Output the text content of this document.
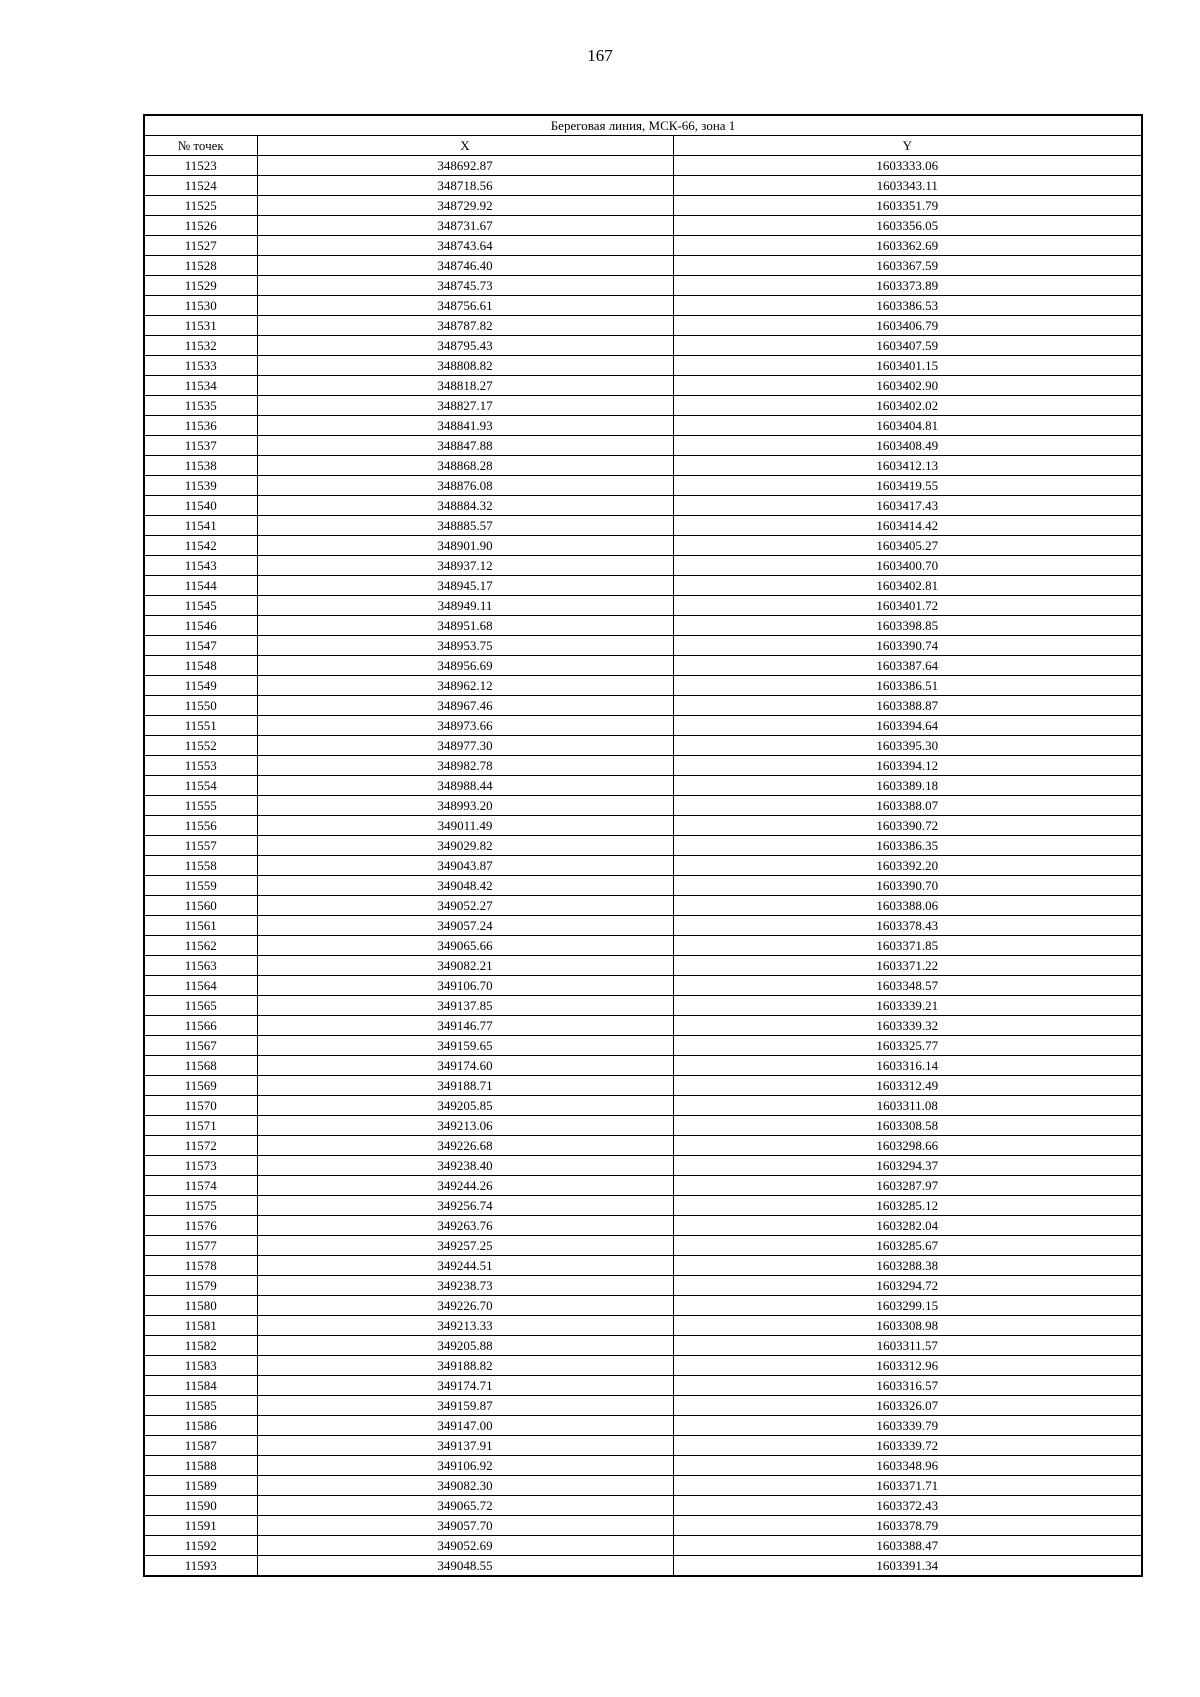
167
Береговая линия, МСК-66, зона 1		
№ точек	X	Y
11523	348692.87	1603333.06
11524	348718.56	1603343.11
11525	348729.92	1603351.79
11526	348731.67	1603356.05
11527	348743.64	1603362.69
11528	348746.40	1603367.59
11529	348745.73	1603373.89
11530	348756.61	1603386.53
11531	348787.82	1603406.79
11532	348795.43	1603407.59
11533	348808.82	1603401.15
11534	348818.27	1603402.90
11535	348827.17	1603402.02
11536	348841.93	1603404.81
11537	348847.88	1603408.49
11538	348868.28	1603412.13
11539	348876.08	1603419.55
11540	348884.32	1603417.43
11541	348885.57	1603414.42
11542	348901.90	1603405.27
11543	348937.12	1603400.70
11544	348945.17	1603402.81
11545	348949.11	1603401.72
11546	348951.68	1603398.85
11547	348953.75	1603390.74
11548	348956.69	1603387.64
11549	348962.12	1603386.51
11550	348967.46	1603388.87
11551	348973.66	1603394.64
11552	348977.30	1603395.30
11553	348982.78	1603394.12
11554	348988.44	1603389.18
11555	348993.20	1603388.07
11556	349011.49	1603390.72
11557	349029.82	1603386.35
11558	349043.87	1603392.20
11559	349048.42	1603390.70
11560	349052.27	1603388.06
11561	349057.24	1603378.43
11562	349065.66	1603371.85
11563	349082.21	1603371.22
11564	349106.70	1603348.57
11565	349137.85	1603339.21
11566	349146.77	1603339.32
11567	349159.65	1603325.77
11568	349174.60	1603316.14
11569	349188.71	1603312.49
11570	349205.85	1603311.08
11571	349213.06	1603308.58
11572	349226.68	1603298.66
11573	349238.40	1603294.37
11574	349244.26	1603287.97
11575	349256.74	1603285.12
11576	349263.76	1603282.04
11577	349257.25	1603285.67
11578	349244.51	1603288.38
11579	349238.73	1603294.72
11580	349226.70	1603299.15
11581	349213.33	1603308.98
11582	349205.88	1603311.57
11583	349188.82	1603312.96
11584	349174.71	1603316.57
11585	349159.87	1603326.07
11586	349147.00	1603339.79
11587	349137.91	1603339.72
11588	349106.92	1603348.96
11589	349082.30	1603371.71
11590	349065.72	1603372.43
11591	349057.70	1603378.79
11592	349052.69	1603388.47
11593	349048.55	1603391.34
